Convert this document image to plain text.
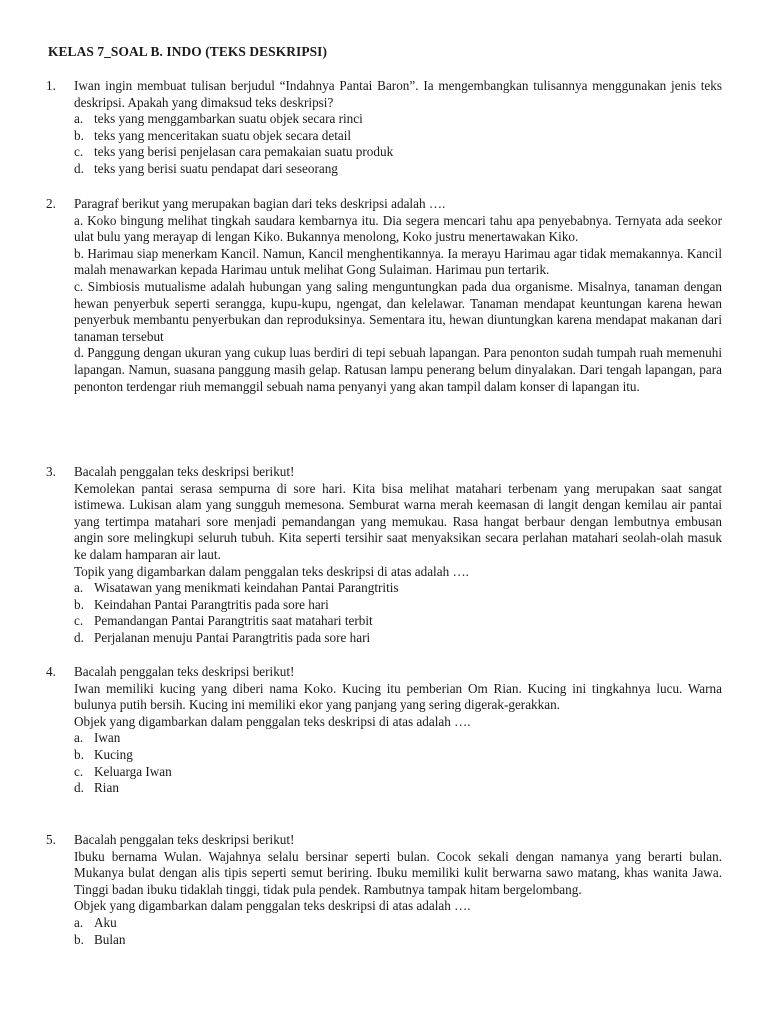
KELAS 7_SOAL B. INDO (TEKS DESKRIPSI)
1. Iwan ingin membuat tulisan berjudul “Indahnya Pantai Baron”. Ia mengembangkan tulisannya menggunakan jenis teks deskripsi. Apakah yang dimaksud teks deskripsi?
a. teks yang menggambarkan suatu objek secara rinci
b. teks yang menceritakan suatu objek secara detail
c. teks yang berisi penjelasan cara pemakaian suatu produk
d. teks yang berisi suatu pendapat dari seseorang
2. Paragraf berikut yang merupakan bagian dari teks deskripsi adalah ….
a. Koko bingung melihat tingkah saudara kembarnya itu. Dia segera mencari tahu apa penyebabnya. Ternyata ada seekor ulat bulu yang merayap di lengan Kiko. Bukannya menolong, Koko justru menertawakan Kiko.
b. Harimau siap menerkam Kancil. Namun, Kancil menghentikannya. Ia merayu Harimau agar tidak memakannya. Kancil malah menawarkan kepada Harimau untuk melihat Gong Sulaiman. Harimau pun tertarik.
c. Simbiosis mutualisme adalah hubungan yang saling menguntungkan pada dua organisme. Misalnya, tanaman dengan hewan penyerbuk seperti serangga, kupu-kupu, ngengat, dan kelelawar. Tanaman mendapat keuntungan karena hewan penyerbuk membantu penyerbukan dan reproduksinya. Sementara itu, hewan diuntungkan karena mendapat makanan dari tanaman tersebut
d. Panggung dengan ukuran yang cukup luas berdiri di tepi sebuah lapangan. Para penonton sudah tumpah ruah memenuhi lapangan. Namun, suasana panggung masih gelap. Ratusan lampu penerang belum dinyalakan. Dari tengah lapangan, para penonton terdengar riuh memanggil sebuah nama penyanyi yang akan tampil dalam konser di lapangan itu.
3. Bacalah penggalan teks deskripsi berikut!
Kemolekan pantai serasa sempurna di sore hari. Kita bisa melihat matahari terbenam yang merupakan saat sangat istimewa. Lukisan alam yang sungguh memesona. Semburat warna merah keemasan di langit dengan kemilau air pantai yang tertimpa matahari sore menjadi pemandangan yang memukau. Rasa hangat berbaur dengan lembutnya embusan angin sore melingkupi seluruh tubuh. Kita seperti tersihir saat menyaksikan secara perlahan matahari seolah-olah masuk ke dalam hamparan air laut.
Topik yang digambarkan dalam penggalan teks deskripsi di atas adalah ….
a. Wisatawan yang menikmati keindahan Pantai Parangtritis
b. Keindahan Pantai Parangtritis pada sore hari
c. Pemandangan Pantai Parangtritis saat matahari terbit
d. Perjalanan menuju Pantai Parangtritis pada sore hari
4. Bacalah penggalan teks deskripsi berikut!
Iwan memiliki kucing yang diberi nama Koko. Kucing itu pemberian Om Rian. Kucing ini tingkahnya lucu. Warna bulunya putih bersih. Kucing ini memiliki ekor yang panjang yang sering digerak-gerakkan.
Objek yang digambarkan dalam penggalan teks deskripsi di atas adalah ….
a. Iwan
b. Kucing
c. Keluarga Iwan
d. Rian
5. Bacalah penggalan teks deskripsi berikut!
Ibuku bernama Wulan. Wajahnya selalu bersinar seperti bulan. Cocok sekali dengan namanya yang berarti bulan. Mukanya bulat dengan alis tipis seperti semut beriring. Ibuku memiliki kulit berwarna sawo matang, khas wanita Jawa. Tinggi badan ibuku tidaklah tinggi, tidak pula pendek. Rambutnya tampak hitam bergelombang.
Objek yang digambarkan dalam penggalan teks deskripsi di atas adalah ….
a. Aku
b. Bulan
